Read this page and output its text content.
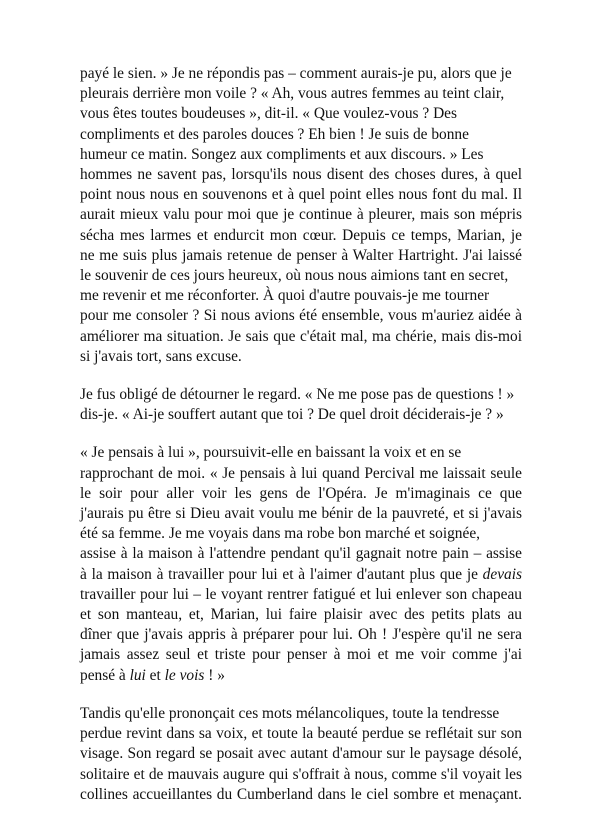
payé le sien. » Je ne répondis pas – comment aurais-je pu, alors que je
pleurais derrière mon voile ? « Ah, vous autres femmes au teint clair,
vous êtes toutes boudeuses », dit-il. « Que voulez-vous ? Des
compliments et des paroles douces ? Eh bien ! Je suis de bonne
humeur ce matin. Songez aux compliments et aux discours. » Les
hommes ne savent pas, lorsqu'ils nous disent des choses dures, à quel
point nous nous en souvenons et à quel point elles nous font du mal. Il
aurait mieux valu pour moi que je continue à pleurer, mais son mépris
sécha mes larmes et endurcit mon cœur. Depuis ce temps, Marian, je
ne me suis plus jamais retenue de penser à Walter Hartright. J'ai laissé
le souvenir de ces jours heureux, où nous nous aimions tant en secret,
me revenir et me réconforter. À quoi d'autre pouvais-je me tourner
pour me consoler ? Si nous avions été ensemble, vous m'auriez aidée à
améliorer ma situation. Je sais que c'était mal, ma chérie, mais dis-moi
si j'avais tort, sans excuse.

Je fus obligé de détourner le regard. « Ne me pose pas de questions ! »
dis-je. « Ai-je souffert autant que toi ? De quel droit déciderais-je ? »

« Je pensais à lui », poursuivit-elle en baissant la voix et en se
rapprochant de moi. « Je pensais à lui quand Percival me laissait seule
le soir pour aller voir les gens de l'Opéra. Je m'imaginais ce que
j'aurais pu être si Dieu avait voulu me bénir de la pauvreté, et si j'avais
été sa femme. Je me voyais dans ma robe bon marché et soignée,
assise à la maison à l'attendre pendant qu'il gagnait notre pain – assise
à la maison à travailler pour lui et à l'aimer d'autant plus que je devais
travailler pour lui – le voyant rentrer fatigué et lui enlever son chapeau
et son manteau, et, Marian, lui faire plaisir avec des petits plats au
dîner que j'avais appris à préparer pour lui. Oh ! J'espère qu'il ne sera
jamais assez seul et triste pour penser à moi et me voir comme j'ai
pensé à lui et le vois ! »

Tandis qu'elle prononçait ces mots mélancoliques, toute la tendresse
perdue revint dans sa voix, et toute la beauté perdue se reflétait sur son
visage. Son regard se posait avec autant d'amour sur le paysage désolé,
solitaire et de mauvais augure qui s'offrait à nous, comme s'il voyait les
collines accueillantes du Cumberland dans le ciel sombre et menaçant.
